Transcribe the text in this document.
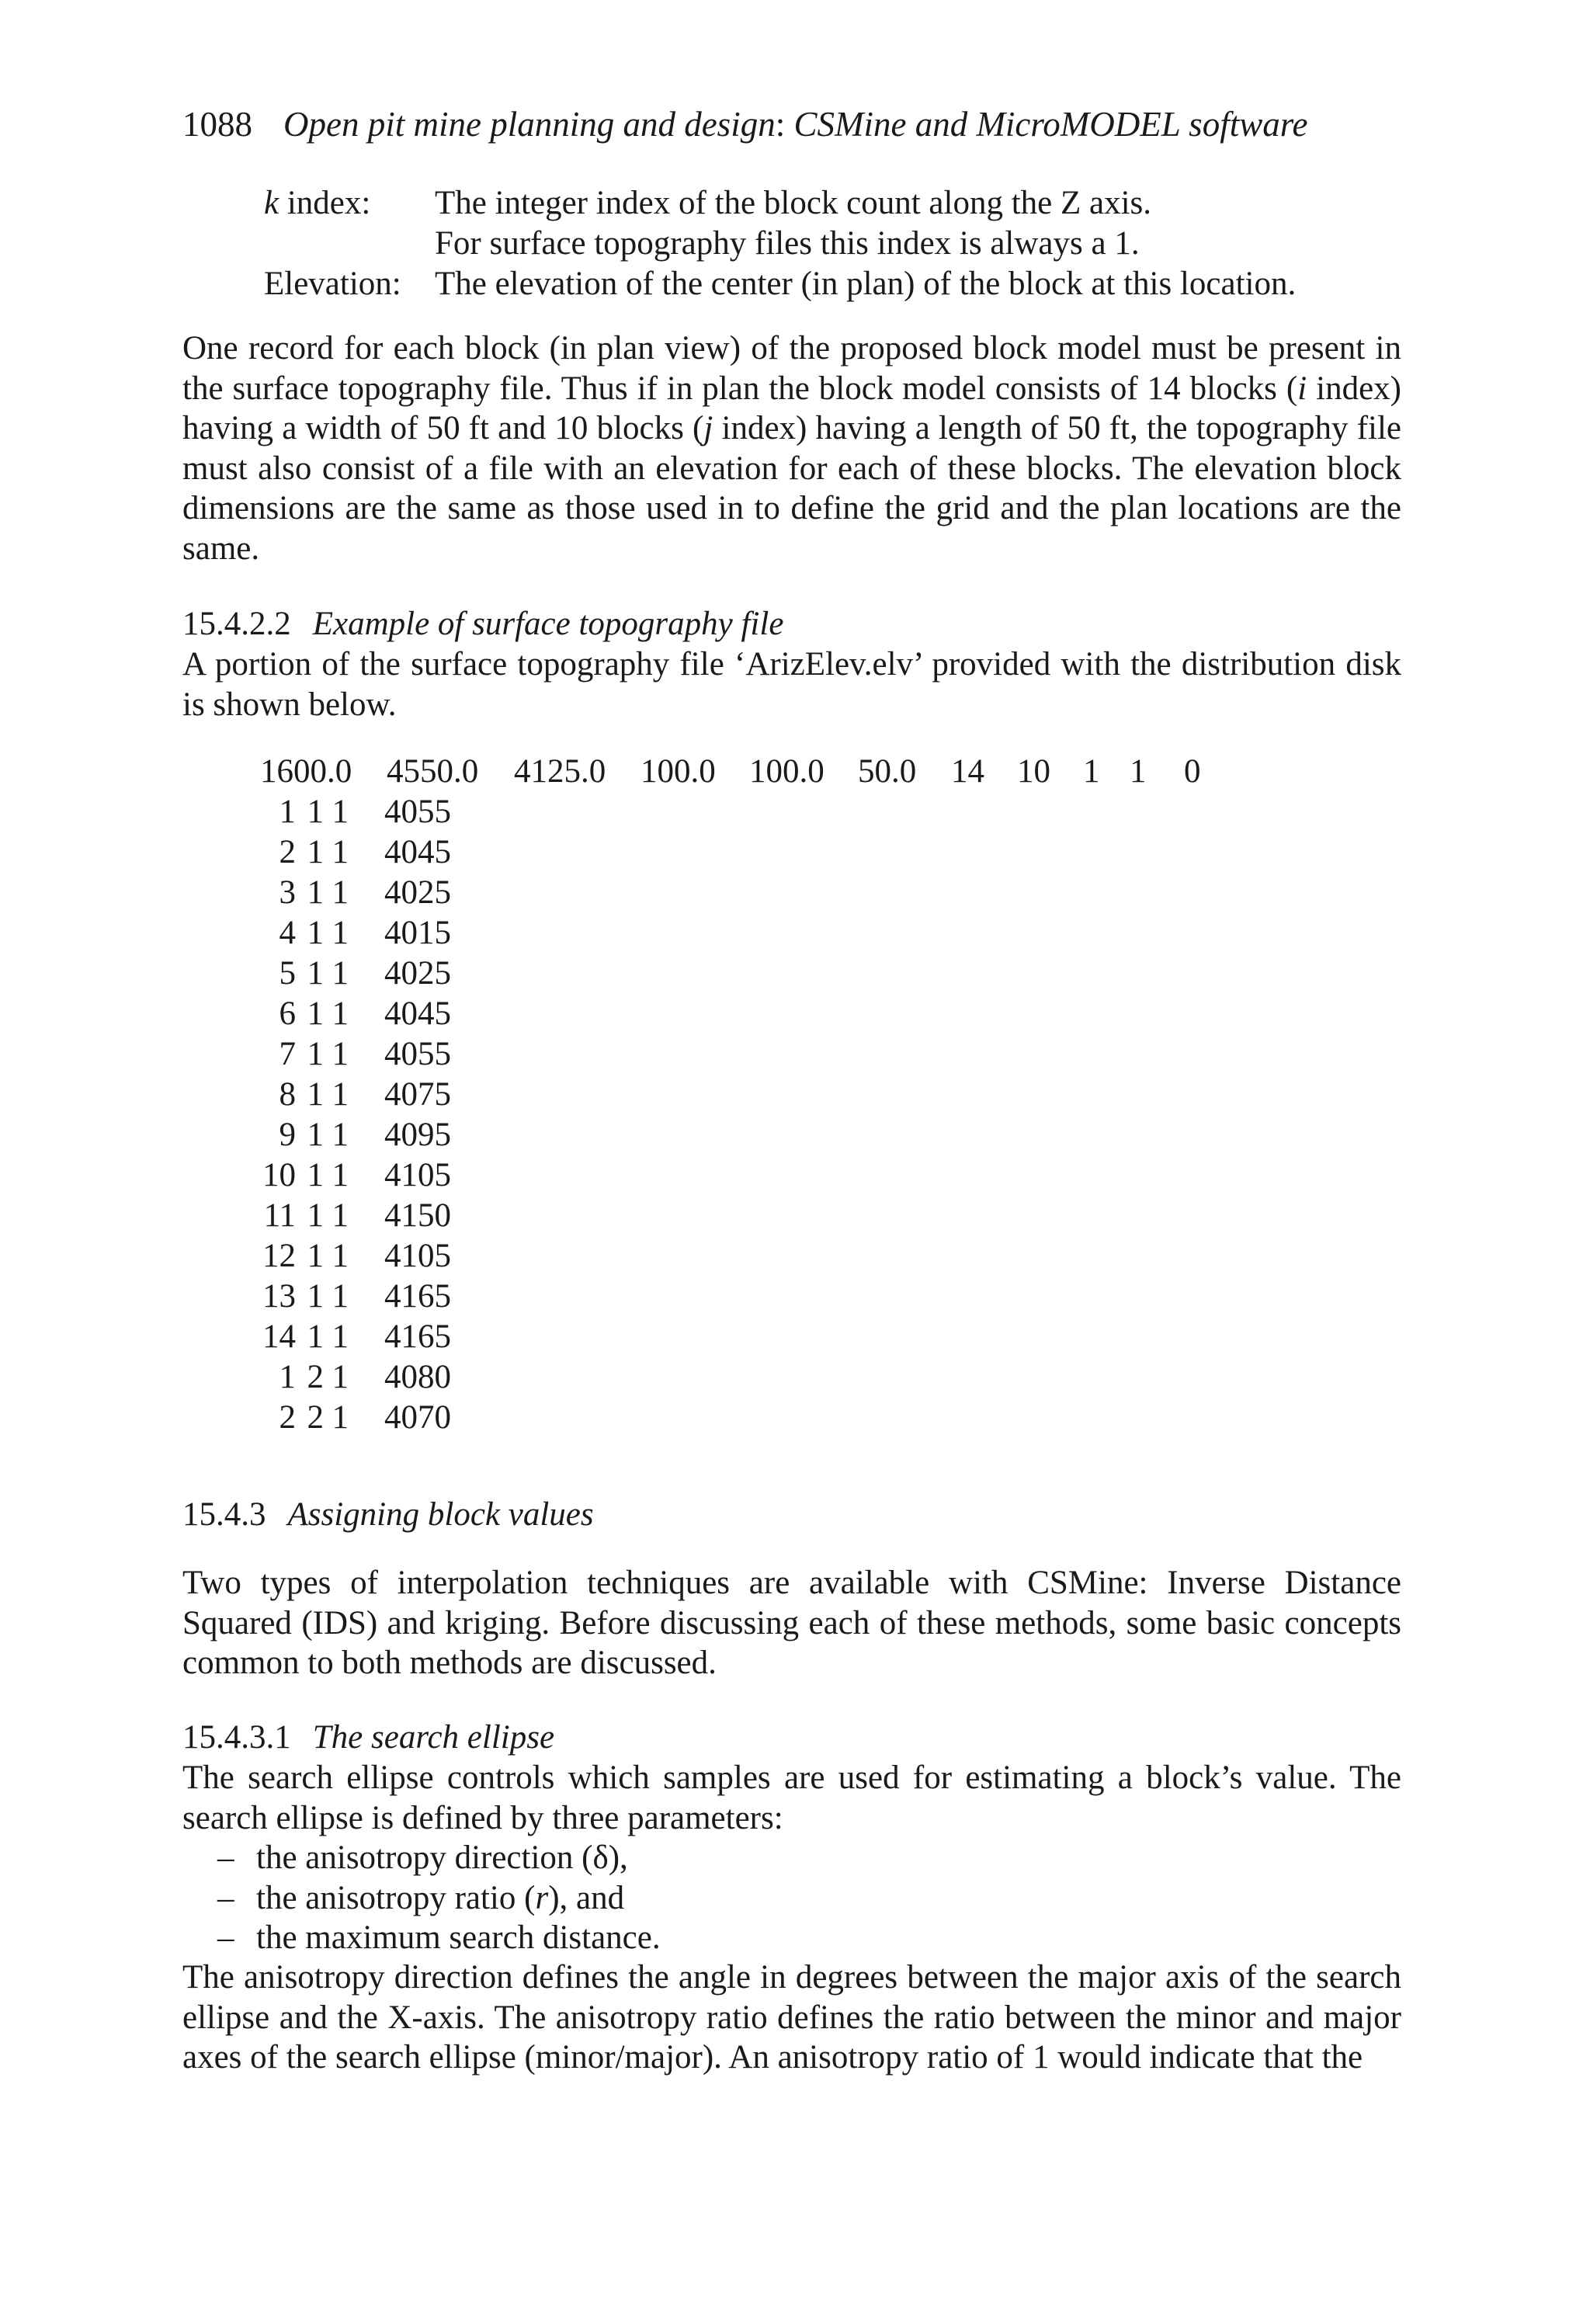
1088 Open pit mine planning and design: CSMine and MicroMODEL software
k index: The integer index of the block count along the Z axis.
For surface topography files this index is always a 1.
Elevation: The elevation of the center (in plan) of the block at this location.

One record for each block (in plan view) of the proposed block model must be present in the surface topography file. Thus if in plan the block model consists of 14 blocks (i index) having a width of 50 ft and 10 blocks (j index) having a length of 50 ft, the topography file must also consist of a file with an elevation for each of these blocks. The elevation block dimensions are the same as those used in to define the grid and the plan locations are the same.

15.4.2.2 Example of surface topography file

A portion of the surface topography file ‘ArizElev.elv’ provided with the distribution disk is shown below.

1600.0 4550.0 4125.0 100.0 100.0 50.0 14 10 1 1 0
1 1 1 4055
2 1 1 4045
3 1 1 4025
4 1 1 4015
5 1 1 4025
6 1 1 4045
7 1 1 4055
8 1 1 4075
9 1 1 4095
10 1 1 4105
11 1 1 4150
12 1 1 4105
13 1 1 4165
14 1 1 4165
1 2 1 4080
2 2 1 4070
15.4.3 Assigning block values

Two types of interpolation techniques are available with CSMine: Inverse Distance Squared (IDS) and kriging. Before discussing each of these methods, some basic concepts common to both methods are discussed.

15.4.3.1 The search ellipse

The search ellipse controls which samples are used for estimating a block’s value. The search ellipse is defined by three parameters:

– the anisotropy direction (δ),
– the anisotropy ratio (r), and
– the maximum search distance.

The anisotropy direction defines the angle in degrees between the major axis of the search ellipse and the X-axis. The anisotropy ratio defines the ratio between the minor and major axes of the search ellipse (minor/major). An anisotropy ratio of 1 would indicate that the
